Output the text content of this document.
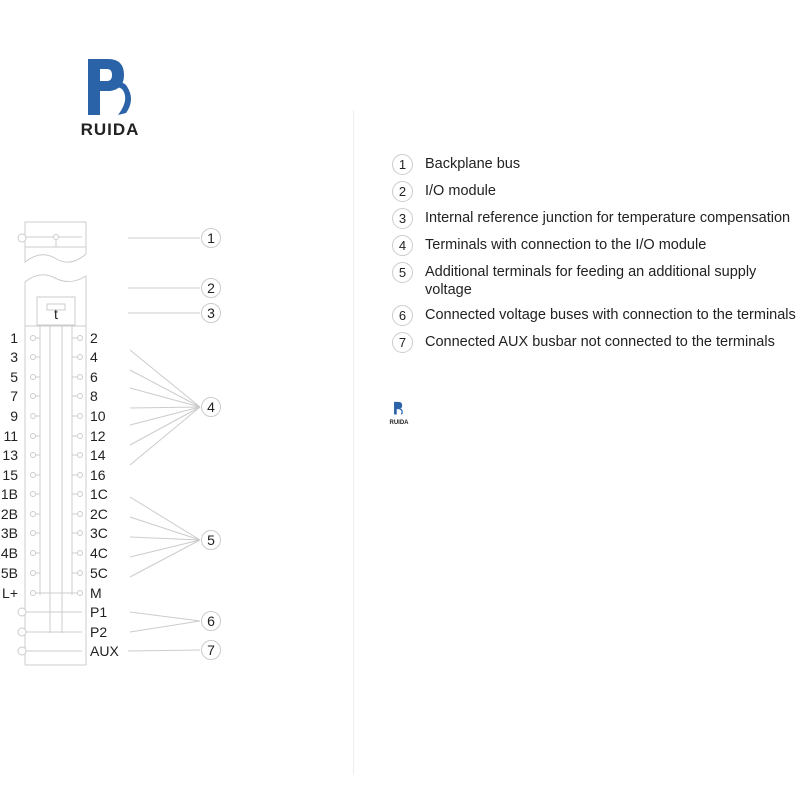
RUIDA
t
1
3
5
7
9
11
13
15
1B
2B
3B
4B
5B
L+
2
4
6
8
10
12
14
16
1C
2C
3C
4C
5C
M
P1
P2
AUX
1
2
3
4
5
6
7
1	Backplane bus
2	I/O module
3	Internal reference junction for temperature compensation
4	Terminals with connection to the I/O module
5	Additional terminals for feeding an additional supply voltage
6	Connected voltage buses with connection to the terminals
7	Connected AUX busbar not connected to the terminals
RUIDA
